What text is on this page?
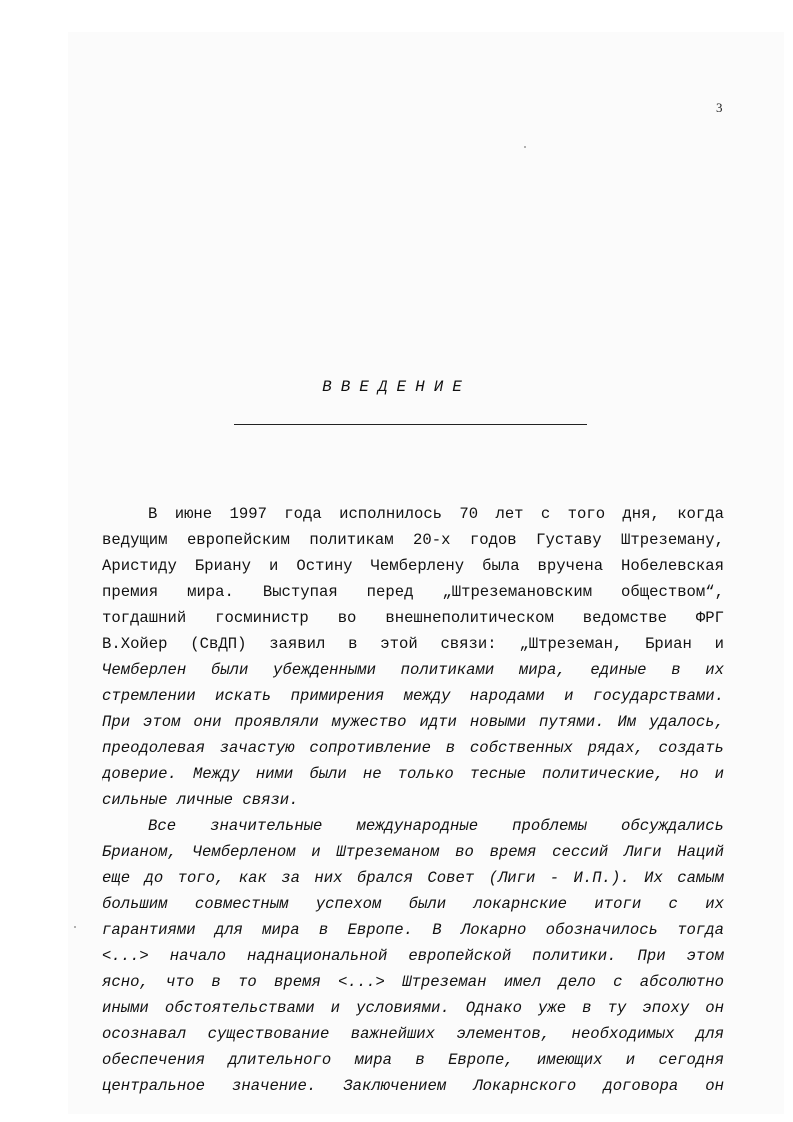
3
ВВЕДЕНИЕ
В июне 1997 года исполнилось 70 лет с того дня, когда
ведущим европейским политикам 20-х годов Густаву Штреземану,
Аристиду Бриану и Остину Чемберлену была вручена Нобелевская
премия мира. Выступая перед „Штреземановским обществом“,
тогдашний госминистр во внешнеполитическом ведомстве ФРГ
В.Хойер (СвДП) заявил в этой связи: „Штреземан, Бриан и
Чемберлен были убежденными политиками мира, единые в их
стремлении искать примирения между народами и государствами.
При этом они проявляли мужество идти новыми путями. Им удалось,
преодолевая зачастую сопротивление в собственных рядах, создать
доверие. Между ними были не только тесные политические, но и
сильные личные связи.
Все значительные международные проблемы обсуждались
Брианом, Чемберленом и Штреземаном во время сессий Лиги Наций
еще до того, как за них брался Совет (Лиги - И.П.). Их самым
большим совместным успехом были локарнские итоги с их
гарантиями для мира в Европе. В Локарно обозначилось тогда
<...> начало наднациональной европейской политики. При этом
ясно, что в то время <...> Штреземан имел дело с абсолютно
иными обстоятельствами и условиями. Однако уже в ту эпоху он
осознавал существование важнейших элементов, необходимых для
обеспечения длительного мира в Европе, имеющих и сегодня
центральное значение. Заключением Локарнского договора он
